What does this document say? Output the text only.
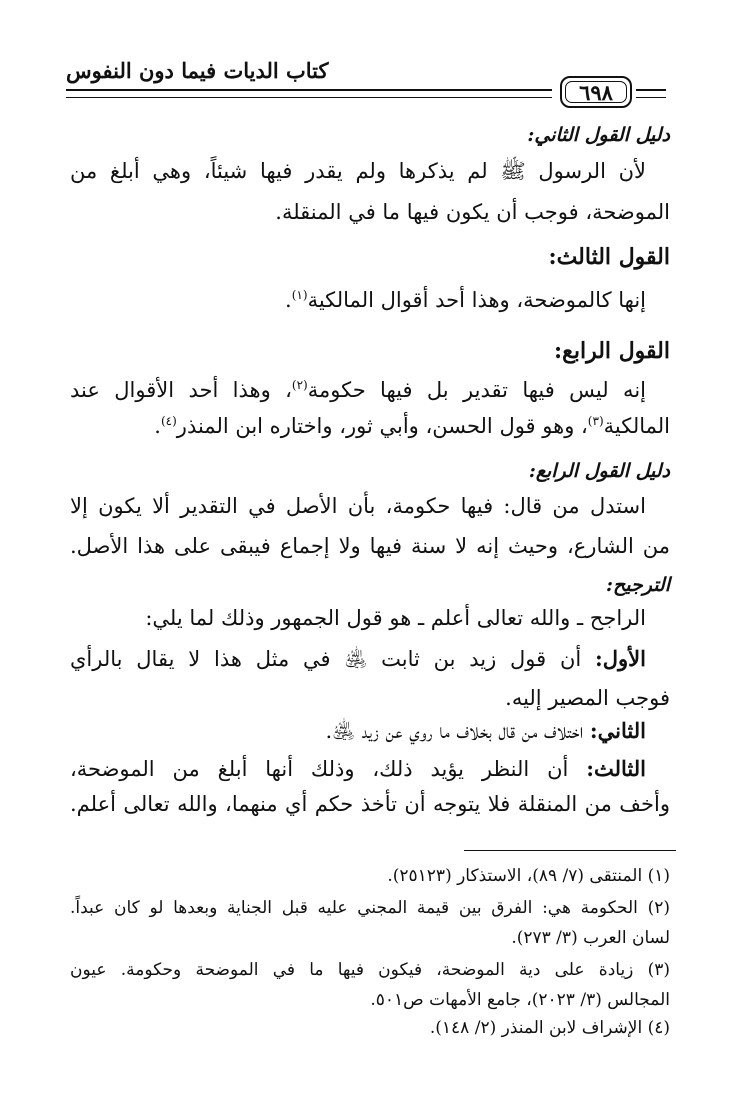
كتاب الديات فيما دون النفوس
٦٩٨
دليل القول الثاني:
لأن الرسول ﷺ لم يذكرها ولم يقدر فيها شيئاً، وهي أبلغ من
الموضحة، فوجب أن يكون فيها ما في المنقلة.
القول الثالث:
إنها كالموضحة، وهذا أحد أقوال المالكية$^{(١)}$.
القول الرابع:
إنه ليس فيها تقدير بل فيها حكومة$^{(٢)}$، وهذا أحد الأقوال عند
المالكية$^{(٣)}$، وهو قول الحسن، وأبي ثور، واختاره ابن المنذر$^{(٤)}$.
دليل القول الرابع:
استدل من قال: فيها حكومة، بأن الأصل في التقدير ألا يكون إلا
من الشارع، وحيث إنه لا سنة فيها ولا إجماع فيبقى على هذا الأصل.
الترجيح:
الراجح ـ والله تعالى أعلم ـ هو قول الجمهور وذلك لما يلي:
الأول: أن قول زيد بن ثابت ﵁ في مثل هذا لا يقال بالرأي
فوجب المصير إليه.
الثاني: اختلاف من قال بخلاف ما روي عن زيد ﵁.
الثالث: أن النظر يؤيد ذلك، وذلك أنها أبلغ من الموضحة،
وأخف من المنقلة فلا يتوجه أن تأخذ حكم أي منهما، والله تعالى أعلم.
(١) المنتقى (٧/ ٨٩)، الاستذكار (٢٥١٢٣).
(٢) الحكومة هي: الفرق بين قيمة المجني عليه قبل الجناية وبعدها لو كان عبداً.
لسان العرب (٣/ ٢٧٣).
(٣) زيادة على دية الموضحة، فيكون فيها ما في الموضحة وحكومة. عيون
المجالس (٣/ ٢٠٢٣)، جامع الأمهات ص٥٠١.
(٤) الإشراف لابن المنذر (٢/ ١٤٨).
